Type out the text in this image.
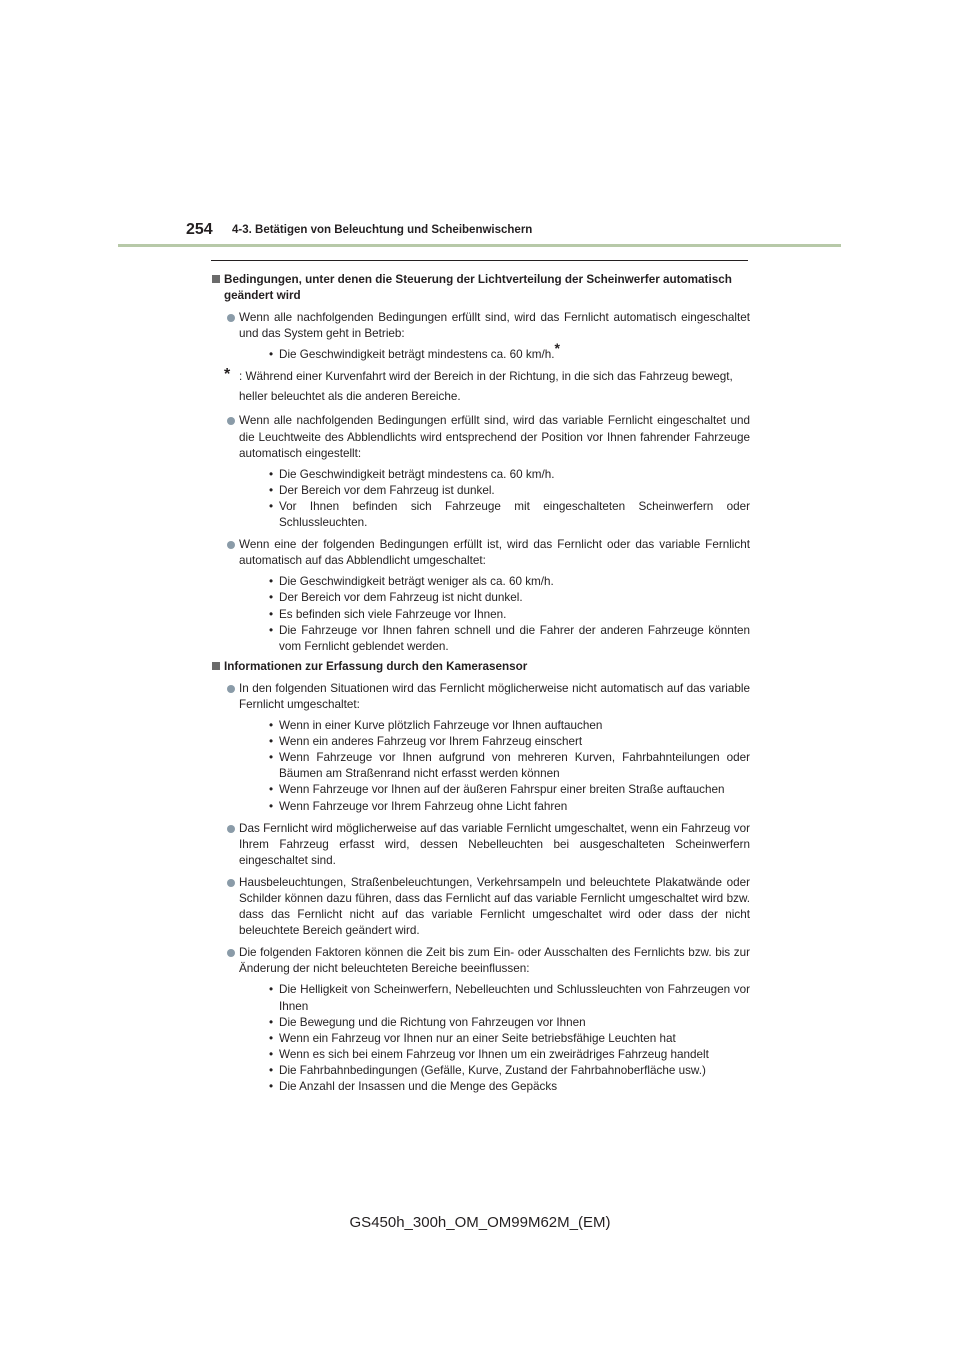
254 4-3. Betätigen von Beleuchtung und Scheibenwischern
Bedingungen, unter denen die Steuerung der Lichtverteilung der Scheinwerfer automatisch geändert wird
Wenn alle nachfolgenden Bedingungen erfüllt sind, wird das Fernlicht automatisch eingeschaltet und das System geht in Betrieb:
• Die Geschwindigkeit beträgt mindestens ca. 60 km/h.*
* : Während einer Kurvenfahrt wird der Bereich in der Richtung, in die sich das Fahrzeug bewegt, heller beleuchtet als die anderen Bereiche.
Wenn alle nachfolgenden Bedingungen erfüllt sind, wird das variable Fernlicht eingeschaltet und die Leuchtweite des Abblendlichts wird entsprechend der Position vor Ihnen fahrender Fahrzeuge automatisch eingestellt:
• Die Geschwindigkeit beträgt mindestens ca. 60 km/h.
• Der Bereich vor dem Fahrzeug ist dunkel.
• Vor Ihnen befinden sich Fahrzeuge mit eingeschalteten Scheinwerfern oder Schlussleuchten.
Wenn eine der folgenden Bedingungen erfüllt ist, wird das Fernlicht oder das variable Fernlicht automatisch auf das Abblendlicht umgeschaltet:
• Die Geschwindigkeit beträgt weniger als ca. 60 km/h.
• Der Bereich vor dem Fahrzeug ist nicht dunkel.
• Es befinden sich viele Fahrzeuge vor Ihnen.
• Die Fahrzeuge vor Ihnen fahren schnell und die Fahrer der anderen Fahrzeuge könnten vom Fernlicht geblendet werden.
Informationen zur Erfassung durch den Kamerasensor
In den folgenden Situationen wird das Fernlicht möglicherweise nicht automatisch auf das variable Fernlicht umgeschaltet:
• Wenn in einer Kurve plötzlich Fahrzeuge vor Ihnen auftauchen
• Wenn ein anderes Fahrzeug vor Ihrem Fahrzeug einschert
• Wenn Fahrzeuge vor Ihnen aufgrund von mehreren Kurven, Fahrbahnteilungen oder Bäumen am Straßenrand nicht erfasst werden können
• Wenn Fahrzeuge vor Ihnen auf der äußeren Fahrspur einer breiten Straße auftauchen
• Wenn Fahrzeuge vor Ihrem Fahrzeug ohne Licht fahren
Das Fernlicht wird möglicherweise auf das variable Fernlicht umgeschaltet, wenn ein Fahrzeug vor Ihrem Fahrzeug erfasst wird, dessen Nebelleuchten bei ausgeschalteten Scheinwerfern eingeschaltet sind.
Hausbeleuchtungen, Straßenbeleuchtungen, Verkehrsampeln und beleuchtete Plakatwände oder Schilder können dazu führen, dass das Fernlicht auf das variable Fernlicht umgeschaltet wird bzw. dass das Fernlicht nicht auf das variable Fernlicht umgeschaltet wird oder dass der nicht beleuchtete Bereich geändert wird.
Die folgenden Faktoren können die Zeit bis zum Ein- oder Ausschalten des Fernlichts bzw. bis zur Änderung der nicht beleuchteten Bereiche beeinflussen:
• Die Helligkeit von Scheinwerfern, Nebelleuchten und Schlussleuchten von Fahrzeugen vor Ihnen
• Die Bewegung und die Richtung von Fahrzeugen vor Ihnen
• Wenn ein Fahrzeug vor Ihnen nur an einer Seite betriebsfähige Leuchten hat
• Wenn es sich bei einem Fahrzeug vor Ihnen um ein zweirädriges Fahrzeug handelt
• Die Fahrbahnbedingungen (Gefälle, Kurve, Zustand der Fahrbahnoberfläche usw.)
• Die Anzahl der Insassen und die Menge des Gepäcks
GS450h_300h_OM_OM99M62M_(EM)
